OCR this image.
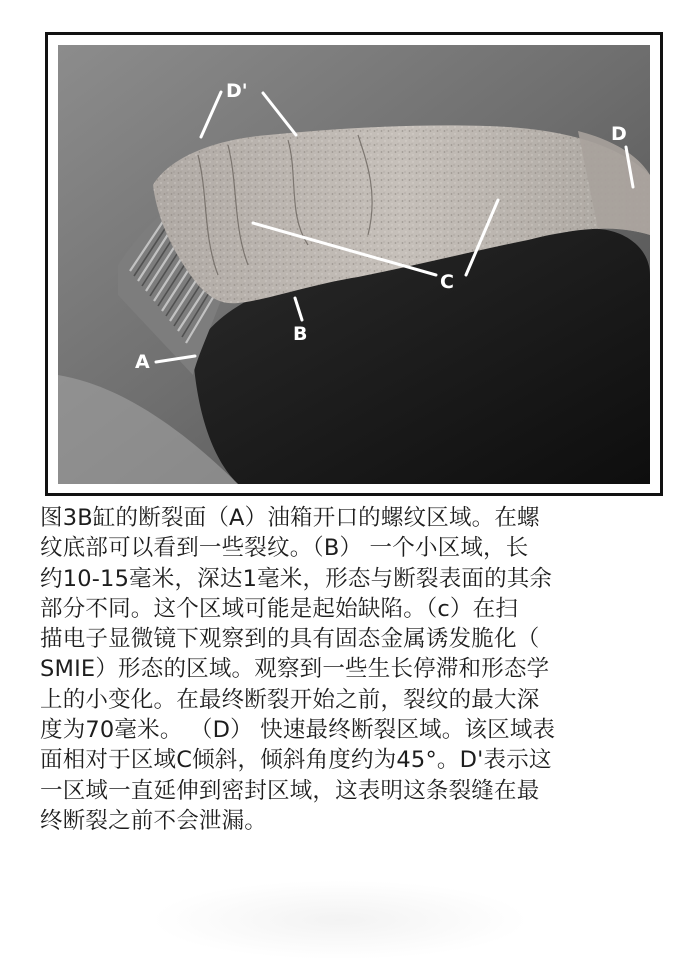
D'
D
C
B
A
图3B缸的断裂面（A）油箱开口的螺纹区域。在螺
纹底部可以看到一些裂纹。（B） 一个小区域，长
约10-15毫米，深达1毫米，形态与断裂表面的其余
部分不同。这个区域可能是起始缺陷。（c）在扫
描电子显微镜下观察到的具有固态金属诱发脆化（
SMIE）形态的区域。观察到一些生长停滞和形态学
上的小变化。在最终断裂开始之前，裂纹的最大深
度为70毫米。 （D） 快速最终断裂区域。该区域表
面相对于区域C倾斜，倾斜角度约为45°。D'表示这
一区域一直延伸到密封区域，这表明这条裂缝在最
终断裂之前不会泄漏。
